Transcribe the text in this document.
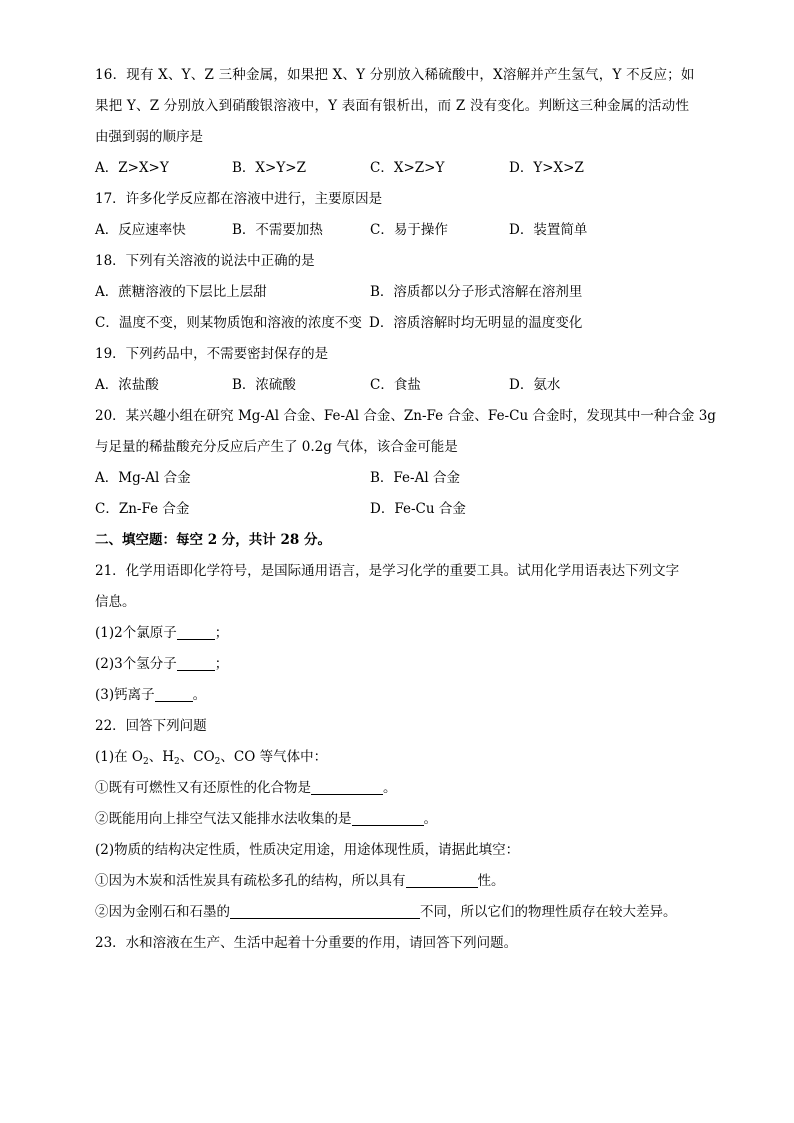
16．现有 X、Y、Z 三种金属，如果把 X、Y 分别放入稀硫酸中，X溶解并产生氢气，Y 不反应；如
果把 Y、Z 分别放入到硝酸银溶液中，Y 表面有银析出，而 Z 没有变化。判断这三种金属的活动性
由强到弱的顺序是
A．Z>X>Y	B．X>Y>Z	C．X>Z>Y	D．Y>X>Z
17．许多化学反应都在溶液中进行，主要原因是
A．反应速率快	B．不需要加热	C．易于操作	D．装置简单
18．下列有关溶液的说法中正确的是
A．蔗糖溶液的下层比上层甜	B．溶质都以分子形式溶解在溶剂里
C．温度不变，则某物质饱和溶液的浓度不变 D．溶质溶解时均无明显的温度变化
19．下列药品中，不需要密封保存的是
A．浓盐酸	B．浓硫酸	C．食盐	D．氨水
20．某兴趣小组在研究 Mg-Al 合金、Fe-Al 合金、Zn-Fe 合金、Fe-Cu 合金时，发现其中一种合金 3g
与足量的稀盐酸充分反应后产生了 0.2g 气体，该合金可能是
A．Mg-Al 合金	B．Fe-Al 合金
C．Zn-Fe 合金	D．Fe-Cu 合金
二、填空题：每空 2 分，共计 28 分。
21．化学用语即化学符号，是国际通用语言，是学习化学的重要工具。试用化学用语表达下列文字
信息。
(1)2个氯原子	；
(2)3个氢分子	；
(3)钙离子	。
22．回答下列问题
(1)在 $O_2$、$H_2$、$CO_2$、CO 等气体中：
①既有可燃性又有还原性的化合物是	。
②既能用向上排空气法又能排水法收集的是	。
(2)物质的结构决定性质，性质决定用途，用途体现性质，请据此填空：
①因为木炭和活性炭具有疏松多孔的结构，所以具有	性。
②因为金刚石和石墨的	不同，所以它们的物理性质存在较大差异。
23．水和溶液在生产、生活中起着十分重要的作用，请回答下列问题。
